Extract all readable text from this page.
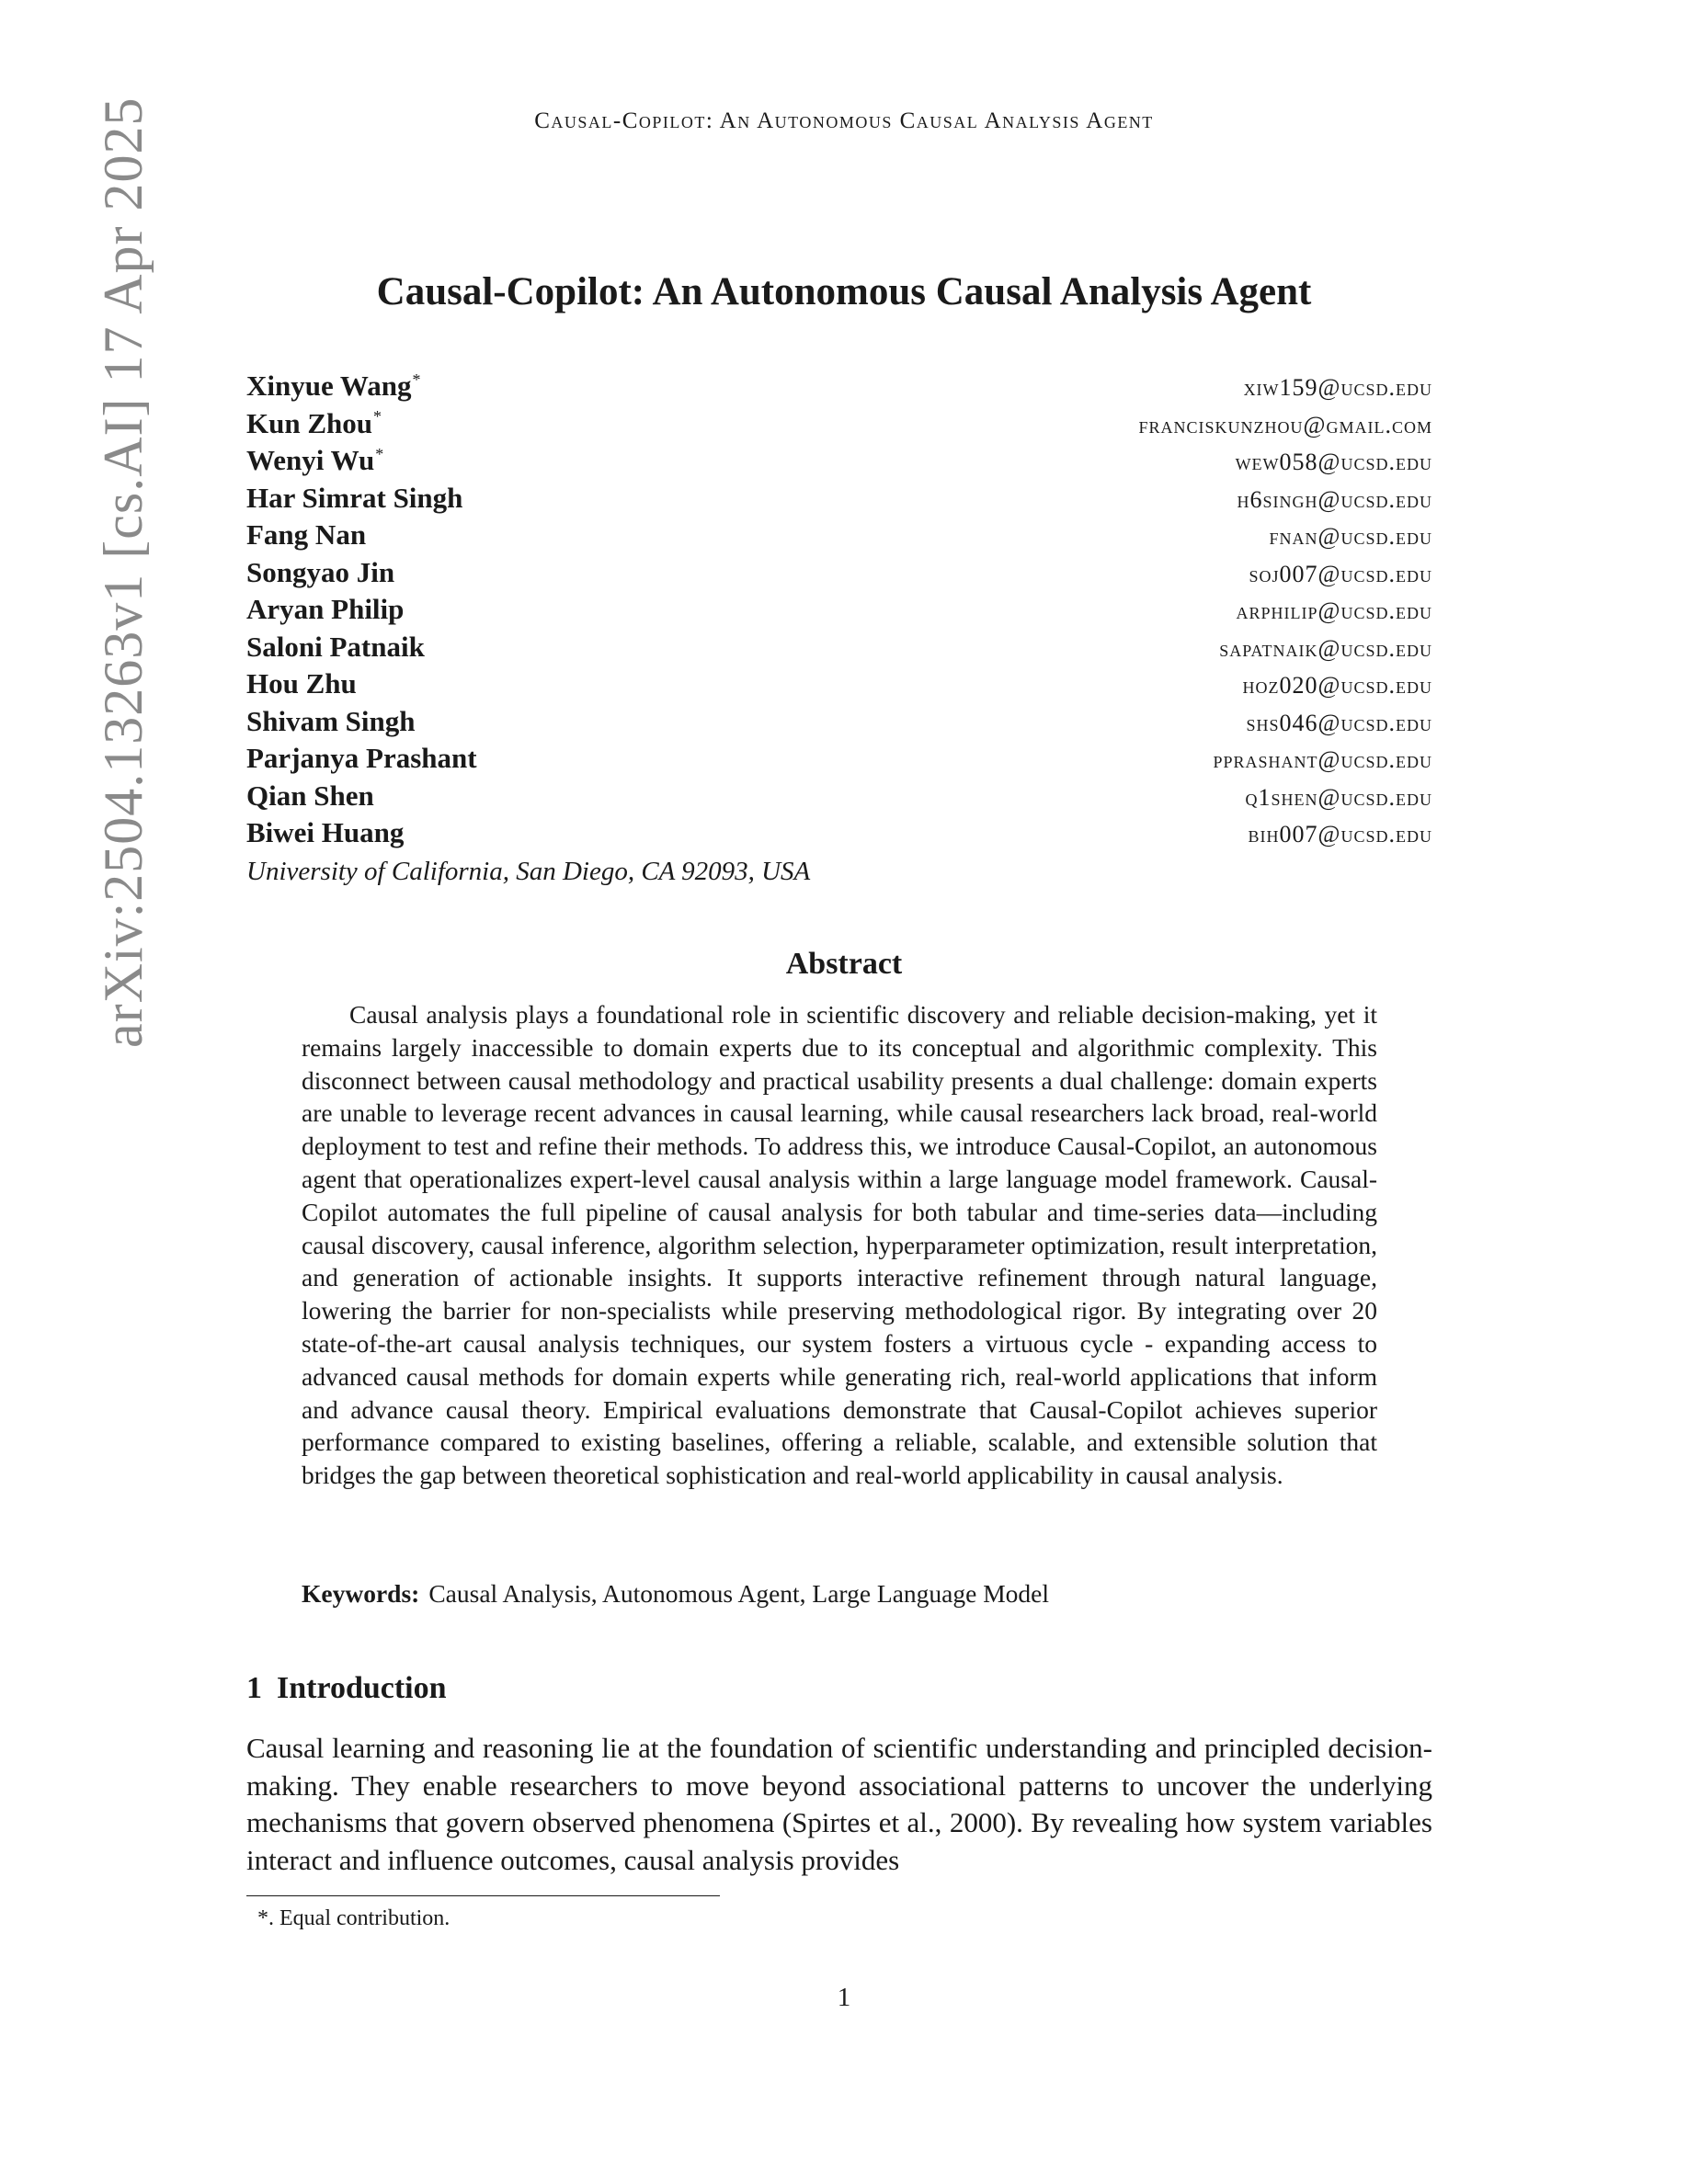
Causal-Copilot: An Autonomous Causal Analysis Agent
arXiv:2504.13263v1 [cs.AI] 17 Apr 2025	Causal-Copilot: An Autonomous Causal Analysis Agent
Xinyue Wang*	xiw159@ucsd.edu
Kun Zhou*	franciskunzhou@gmail.com
Wenyi Wu*	wew058@ucsd.edu
Har Simrat Singh	h6singh@ucsd.edu
Fang Nan	fnan@ucsd.edu
Songyao Jin	soj007@ucsd.edu
Aryan Philip	arphilip@ucsd.edu
Saloni Patnaik	sapatnaik@ucsd.edu
Hou Zhu	hoz020@ucsd.edu
Shivam Singh	shs046@ucsd.edu
Parjanya Prashant	pprashant@ucsd.edu
Qian Shen	q1shen@ucsd.edu
Biwei Huang	bih007@ucsd.edu
University of California, San Diego, CA 92093, USA
Abstract

Causal analysis plays a foundational role in scientific discovery and reliable decision-making, yet it remains largely inaccessible to domain experts due to its conceptual and algorithmic complexity. This disconnect between causal methodology and practical usability presents a dual challenge: domain experts are unable to leverage recent advances in causal learning, while causal researchers lack broad, real-world deployment to test and refine their methods. To address this, we introduce Causal-Copilot, an autonomous agent that operationalizes expert-level causal analysis within a large language model framework. Causal-Copilot automates the full pipeline of causal analysis for both tabular and time-series data—including causal discovery, causal inference, algorithm selection, hyperparameter optimization, result interpretation, and generation of actionable insights. It supports interactive refinement through natural language, lowering the barrier for non-specialists while preserving methodological rigor. By integrating over 20 state-of-the-art causal analysis techniques, our system fosters a virtuous cycle - expanding access to advanced causal methods for domain experts while generating rich, real-world applications that inform and advance causal theory. Empirical evaluations demonstrate that Causal-Copilot achieves superior performance compared to existing baselines, offering a reliable, scalable, and extensible solution that bridges the gap between theoretical sophistication and real-world applicability in causal analysis.

Keywords: Causal Analysis, Autonomous Agent, Large Language Model
1 Introduction

Causal learning and reasoning lie at the foundation of scientific understanding and principled decision-making. They enable researchers to move beyond associational patterns to uncover the underlying mechanisms that govern observed phenomena (Spirtes et al., 2000). By revealing how system variables interact and influence outcomes, causal analysis provides

*. Equal contribution.
1
